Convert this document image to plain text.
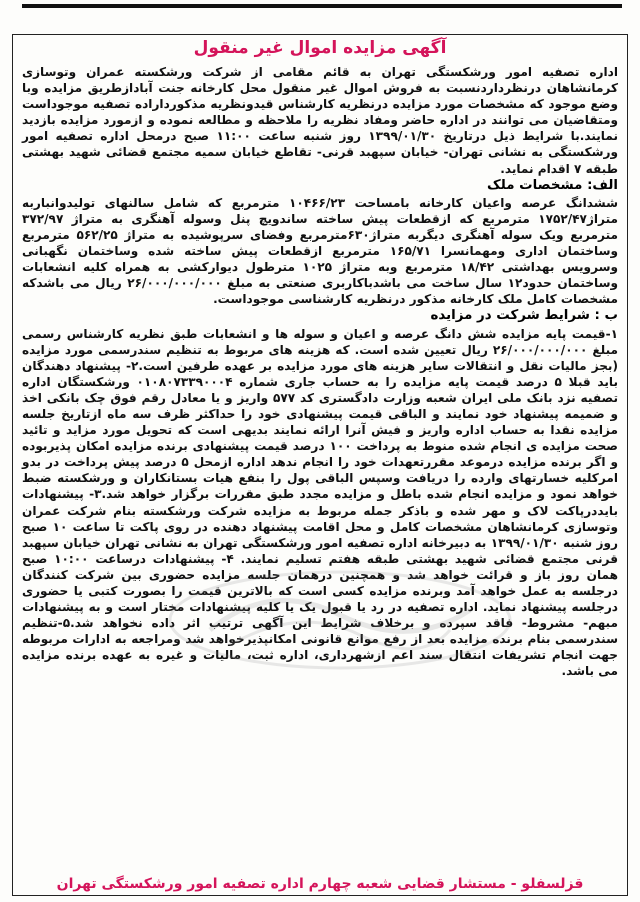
آگهی مزایده اموال غیر منقول

اداره تصفیه امور ورشکستگی تهران به قائم مقامی از شرکت ورشکسته عمران وتوسازی کرمانشاهان درنظرداردنسبت به فروش اموال غیر منقول محل کارخانه جنت آباداز‌طریق مزایده وبا وضع موجود که مشخصات مورد مزایده درنظریه کارشناس قیدونظریه مذکورداراده تصفیه موجوداست ومتقاضیان می توانند در اداره حاضر ومفاد نظریه را ملاحظه و مطالعه نموده و ازمورد مزایده بازدید نمایند.با شرایط ذیل درتاریخ ۱۳۹۹/۰۱/۳۰ روز شنبه ساعت ۱۱:۰۰ صبح درمحل اداره تصفیه امور ورشکستگی به نشانی تهران- خیابان سپهبد قرنی- تقاطع خیابان سمیه مجتمع قضائی شهید بهشتی طبقه ۷ اقدام نماید.

الف: مشخصات ملک

ششدانگ عرصه واعیان کارخانه بامساحت ۱۰۴۶۶/۲۳ مترمربع که شامل سالنهای تولیدوانباربه متراژ۱۷۵۲/۴۷ مترمربع که ازقطعات پیش ساخته ساندویچ پنل وسوله آهنگری به متراژ ۳۷۲/۹۷ مترمربع ویک سوله آهنگری دیگربه متراژ۶۳۰مترمربع وفضای سرپوشیده به متراژ ۵۶۲/۲۵ مترمربع وساختمان اداری ومهمانسرا ۱۶۵/۷۱ مترمربع ازقطعات پیش ساخته شده وساختمان نگهبانی وسرویس بهداشتی ۱۸/۴۲ مترمربع وبه متراژ ۱۰۲۵ مترطول دیوارکشی به همراه کلیه انشعابات وساختمان حدود۱۲ سال ساخت می باشدباکاربری صنعتی به مبلغ ۲۶/۰۰۰/۰۰۰/۰۰۰ ریال می باشدکه مشخصات کامل ملک کارخانه مذکور درنظریه کارشناسی موجوداست.

ب : شرایط شرکت در مزایده

۱-قیمت پایه مزایده شش دانگ عرصه و اعیان و سوله ها و انشعابات طبق نظریه کارشناس رسمی مبلغ ۲۶/۰۰۰/۰۰۰/۰۰۰ ریال تعیین شده است. که هزینه های مربوط به تنظیم سندرسمی مورد مزایده (بجز مالیات نقل و انتقالات سایر هزینه های مورد مزایده بر عهده طرفین است.۲- پیشنهاد دهندگان باید قبلا ۵ درصد قیمت پایه مزایده را به حساب جاری شماره ۰۱۰۸۰۷۳۳۹۰۰۰۴ ورشکستگان اداره تصفیه نزد بانک ملی ایران شعبه وزارت دادگستری کد ۵۷۷ واریز و یا معادل رقم فوق چک بانکی اخذ و ضمیمه پیشنهاد خود نمایند و الباقی قیمت پیشنهادی خود را حداکثر ظرف سه ماه ازتاریخ جلسه مزایده نقدا به حساب اداره واریز و فیش آنرا ارائه نمایند بدیهی است که تحویل مورد مزاید و تائید صحت مزایده ی انجام شده منوط به پرداخت ۱۰۰ درصد قیمت پیشنهادی برنده مزایده امکان پذیربوده و اگر برنده مزایده درموعد مقررتعهدات خود را انجام ندهد اداره ازمحل ۵ درصد پیش پرداخت در بدو امرکلیه خسارتهای وارده را دریافت وسپس الباقی پول را بنفع هیات بستانکاران و ورشکسته ضبط خواهد نمود و مزایده انجام شده باطل و مزایده مجدد طبق مقررات برگزار خواهد شد.۳- پیشنهادات بایددرپاکت لاک و مهر شده و باذکر جمله مربوط به مزایده شرکت ورشکسته بنام شرکت عمران وتوسازی کرمانشاهان مشخصات کامل و محل اقامت پیشنهاد دهنده در روی پاکت تا ساعت ۱۰ صبح روز شنبه ۱۳۹۹/۰۱/۳۰ به دبیرخانه اداره تصفیه امور ورشکستگی تهران به نشانی تهران خیابان سپهبد قرنی مجتمع قضائی شهید بهشتی طبقه هفتم تسلیم نمایند. ۴- پیشنهادات درساعت ۱۰:۰۰ صبح همان روز باز و قرائت خواهد شد و همچنین درهمان جلسه مزایده حضوری بین شرکت کنندگان درجلسه به عمل خواهد آمد وبرنده مزایده کسی است که بالاترین قیمت را بصورت کتبی یا حضوری درجلسه پیشنهاد نماید. اداره تصفیه در رد یا قبول یک یا کلیه پیشنهادات مختار است و به پیشنهادات مبهم- مشروط- فاقد سپرده و برخلاف شرایط این آگهی ترتیب اثر داده نخواهد شد.۵-تنظیم سندرسمی بنام برنده مزایده بعد از رفع موانع قانونی امکانپذیرخواهد شد ومراجعه به ادارات مربوطه جهت انجام تشریفات انتقال سند اعم ازشهرداری، اداره ثبت، مالیات و غیره به عهده برنده مزایده می باشد.

قزلسفلو - مستشار قضایی شعبه چهارم اداره تصفیه امور ورشکستگی تهران
